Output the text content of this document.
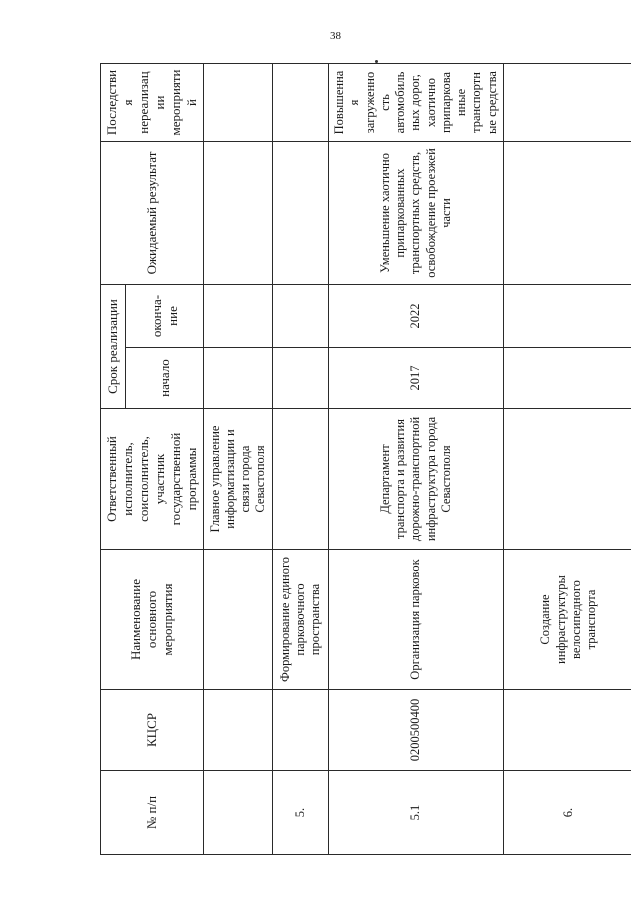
38
№ п/п	КЦСР	Наименование основного мероприятия	Ответственный исполнитель, соисполнитель, участник государственной программы	Срок реализации		Ожидаемый результат	Последствия нереализации мероприятий
				начало	оконча-ние		
			Главное управление информатизации и связи города Севастополя				
5.		Формирование единого парковочного пространства					
5.1	0200500400	Организация парковок	Департамент транспорта и развития дорожно-транспортной инфраструктура города Севастополя	2017	2022	Уменьшение хаотично припаркованных транспортных средств, освобождение проезжей части	Повышенная загруженность автомобильных дорог, хаотично припаркованные транспортные средства
6.		Создание инфраструктуры велосипедного транспорта					
